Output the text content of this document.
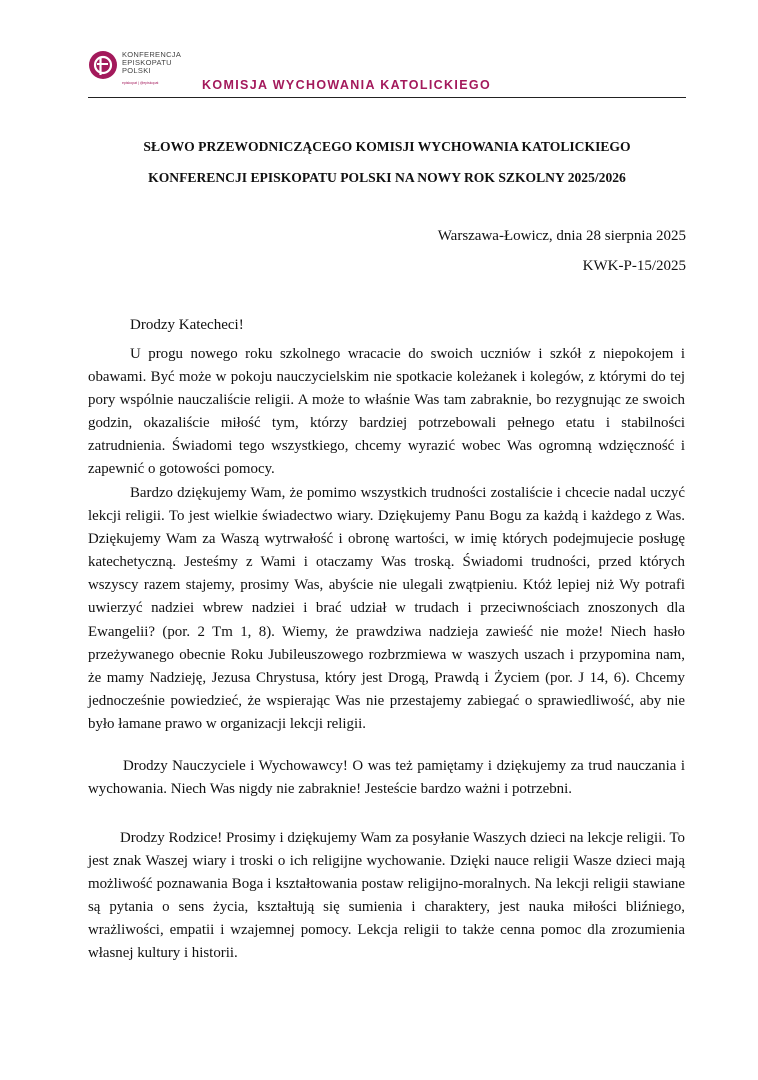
KONFERENCJA
EPISKOPATU
POLSKI
episkopat | @episkopat	KOMISJA WYCHOWANIA KATOLICKIEGO
SŁOWO PRZEWODNICZĄCEGO KOMISJI WYCHOWANIA KATOLICKIEGO
KONFERENCJI EPISKOPATU POLSKI NA NOWY ROK SZKOLNY 2025/2026
Warszawa-Łowicz, dnia 28 sierpnia 2025
KWK-P-15/2025
Drodzy Katecheci!

U progu nowego roku szkolnego wracacie do swoich uczniów i szkół z niepokojem i obawami. Być może w pokoju nauczycielskim nie spotkacie koleżanek i kolegów, z którymi do tej pory wspólnie nauczaliście religii. A może to właśnie Was tam zabraknie, bo rezygnując ze swoich godzin, okazaliście miłość tym, którzy bardziej potrzebowali pełnego etatu i stabilności zatrudnienia. Świadomi tego wszystkiego, chcemy wyrazić wobec Was ogromną wdzięczność i zapewnić o gotowości pomocy.

Bardzo dziękujemy Wam, że pomimo wszystkich trudności zostaliście i chcecie nadal uczyć lekcji religii. To jest wielkie świadectwo wiary. Dziękujemy Panu Bogu za każdą i każdego z Was. Dziękujemy Wam za Waszą wytrwałość i obronę wartości, w imię których podejmujecie posługę katechetyczną. Jesteśmy z Wami i otaczamy Was troską. Świadomi trudności, przed których wszyscy razem stajemy, prosimy Was, abyście nie ulegali zwątpieniu. Któż lepiej niż Wy potrafi uwierzyć nadziei wbrew nadziei i brać udział w trudach i przeciwnościach znoszonych dla Ewangelii? (por. 2 Tm 1, 8). Wiemy, że prawdziwa nadzieja zawieść nie może! Niech hasło przeżywanego obecnie Roku Jubileuszowego rozbrzmiewa w waszych uszach i przypomina nam, że mamy Nadzieję, Jezusa Chrystusa, który jest Drogą, Prawdą i Życiem (por. J 14, 6). Chcemy jednocześnie powiedzieć, że wspierając Was nie przestajemy zabiegać o sprawiedliwość, aby nie było łamane prawo w organizacji lekcji religii.

Drodzy Nauczyciele i Wychowawcy! O was też pamiętamy i dziękujemy za trud nauczania i wychowania. Niech Was nigdy nie zabraknie! Jesteście bardzo ważni i potrzebni.

Drodzy Rodzice! Prosimy i dziękujemy Wam za posyłanie Waszych dzieci na lekcje religii. To jest znak Waszej wiary i troski o ich religijne wychowanie. Dzięki nauce religii Wasze dzieci mają możliwość poznawania Boga i kształtowania postaw religijno-moralnych. Na lekcji religii stawiane są pytania o sens życia, kształtują się sumienia i charaktery, jest nauka miłości bliźniego, wrażliwości, empatii i wzajemnej pomocy. Lekcja religii to także cenna pomoc dla zrozumienia własnej kultury i historii.
